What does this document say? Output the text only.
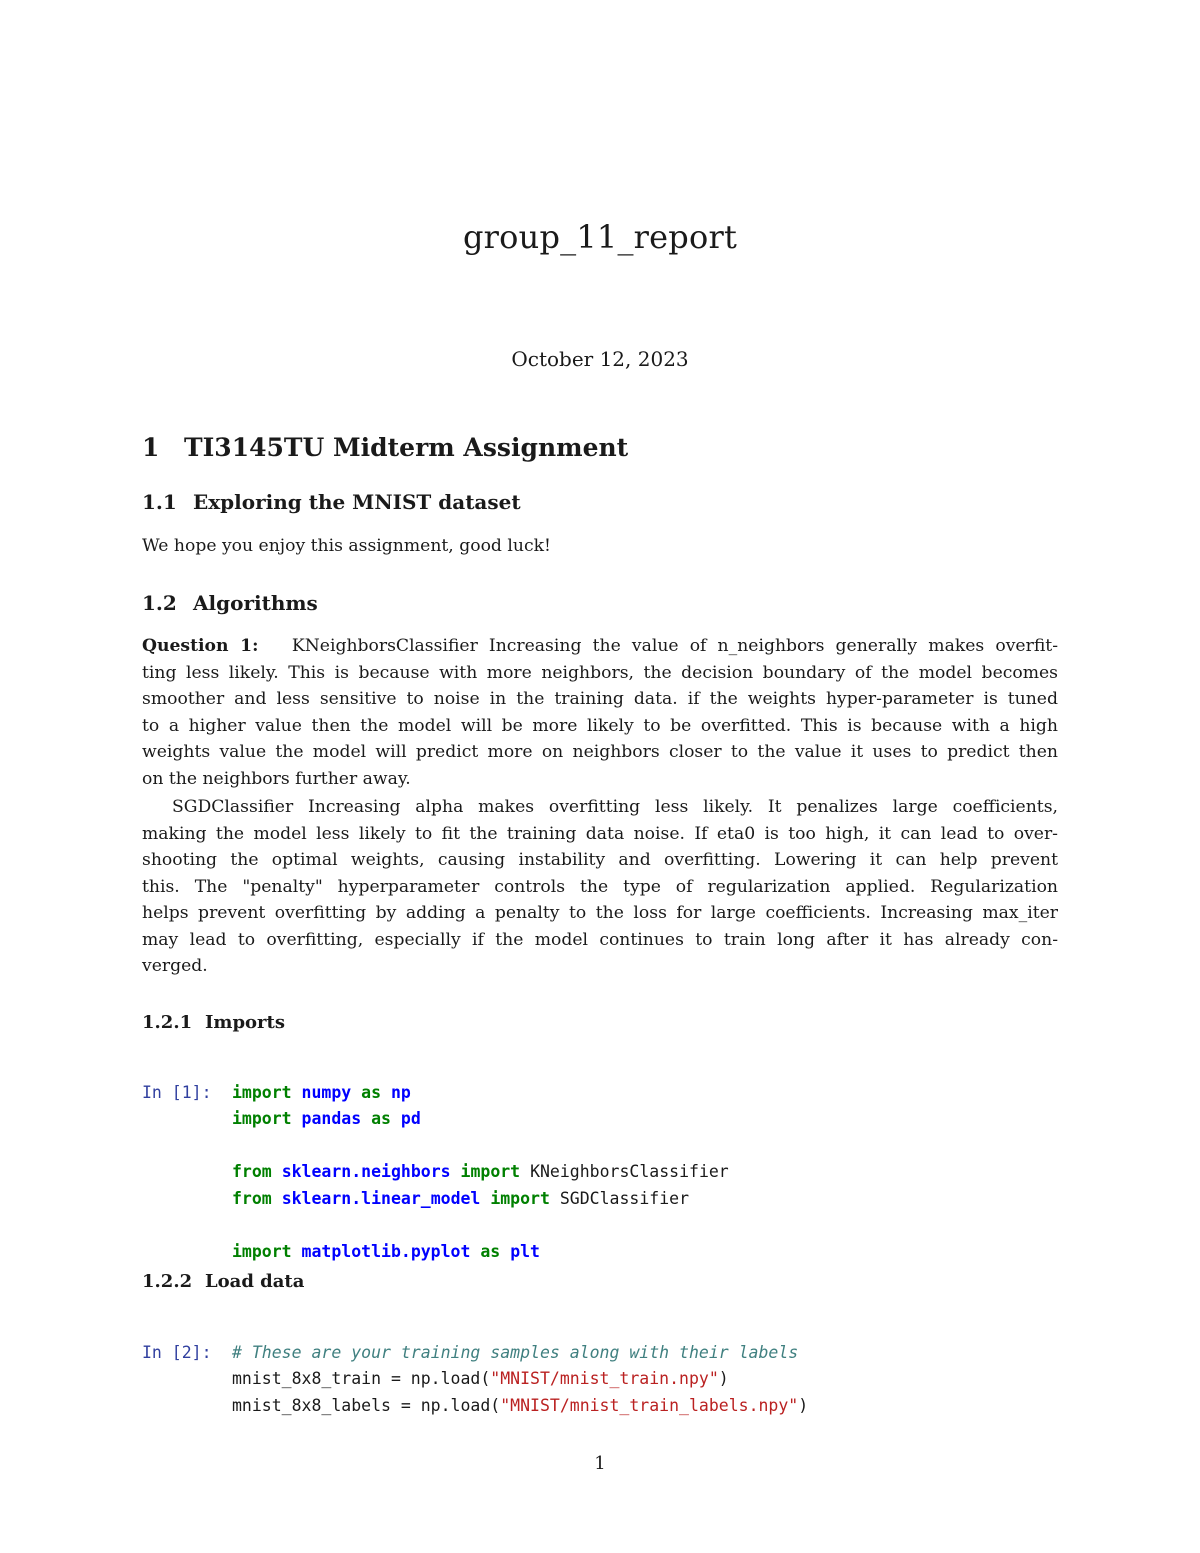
group_11_report
October 12, 2023
1 TI3145TU Midterm Assignment
1.1 Exploring the MNIST dataset
We hope you enjoy this assignment, good luck!
1.2 Algorithms
Question 1: KNeighborsClassifier Increasing the value of n_neighbors generally makes overfit-
ting less likely. This is because with more neighbors, the decision boundary of the model becomes
smoother and less sensitive to noise in the training data. if the weights hyper-parameter is tuned
to a higher value then the model will be more likely to be overfitted. This is because with a high
weights value the model will predict more on neighbors closer to the value it uses to predict then
on the neighbors further away.
SGDClassifier Increasing alpha makes overfitting less likely. It penalizes large coefficients,
making the model less likely to fit the training data noise. If eta0 is too high, it can lead to over-
shooting the optimal weights, causing instability and overfitting. Lowering it can help prevent
this. The "penalty" hyperparameter controls the type of regularization applied. Regularization
helps prevent overfitting by adding a penalty to the loss for large coefficients. Increasing max_iter
may lead to overfitting, especially if the model continues to train long after it has already con-
verged.
1.2.1 Imports

In [1]: import numpy as np
import pandas as pd

from sklearn.neighbors import KNeighborsClassifier
from sklearn.linear_model import SGDClassifier

import matplotlib.pyplot as plt
1.2.2 Load data

In [2]: # These are your training samples along with their labels
mnist_8x8_train = np.load("MNIST/mnist_train.npy")
mnist_8x8_labels = np.load("MNIST/mnist_train_labels.npy")
1
